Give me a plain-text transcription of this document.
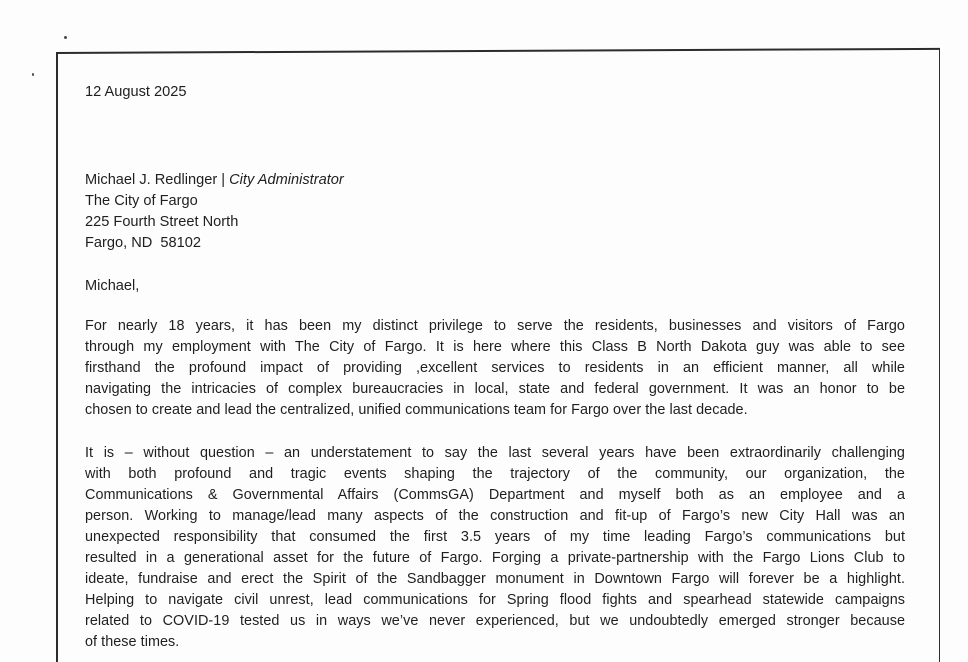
12 August 2025
Michael J. Redlinger | City Administrator
The City of Fargo
225 Fourth Street North
Fargo, ND  58102
Michael,
For nearly 18 years, it has been my distinct privilege to serve the residents, businesses and visitors of Fargo
through my employment with The City of Fargo. It is here where this Class B North Dakota guy was able to see
firsthand the profound impact of providing ,excellent services to residents in an efficient manner, all while
navigating the intricacies of complex bureaucracies in local, state and federal government. It was an honor to be
chosen to create and lead the centralized, unified communications team for Fargo over the last decade.
It is – without question – an understatement to say the last several years have been extraordinarily challenging
with both profound and tragic events shaping the trajectory of the community, our organization, the
Communications & Governmental Affairs (CommsGA) Department and myself both as an employee and a
person. Working to manage/lead many aspects of the construction and fit-up of Fargo’s new City Hall was an
unexpected responsibility that consumed the first 3.5 years of my time leading Fargo’s communications but
resulted in a generational asset for the future of Fargo. Forging a private-partnership with the Fargo Lions Club to
ideate, fundraise and erect the Spirit of the Sandbagger monument in Downtown Fargo will forever be a highlight.
Helping to navigate civil unrest, lead communications for Spring flood fights and spearhead statewide campaigns
related to COVID-19 tested us in ways we’ve never experienced, but we undoubtedly emerged stronger because
of these times.
